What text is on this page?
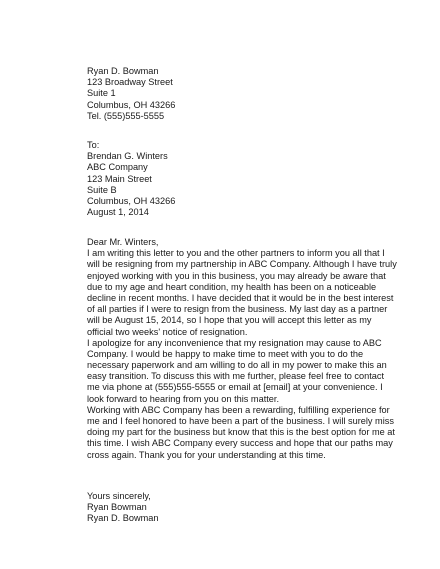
Ryan D. Bowman
123 Broadway Street
Suite 1
Columbus, OH 43266
Tel. (555)555-5555
To:
Brendan G. Winters
ABC Company
123 Main Street
Suite B
Columbus, OH 43266
August 1, 2014
Dear Mr. Winters,
I am writing this letter to you and the other partners to inform you all that I
will be resigning from my partnership in ABC Company. Although I have truly
enjoyed working with you in this business, you may already be aware that
due to my age and heart condition, my health has been on a noticeable
decline in recent months. I have decided that it would be in the best interest
of all parties if I were to resign from the business. My last day as a partner
will be August 15, 2014, so I hope that you will accept this letter as my
official two weeks' notice of resignation.
I apologize for any inconvenience that my resignation may cause to ABC
Company. I would be happy to make time to meet with you to do the
necessary paperwork and am willing to do all in my power to make this an
easy transition. To discuss this with me further, please feel free to contact
me via phone at (555)555-5555 or email at [email] at your convenience. I
look forward to hearing from you on this matter.
Working with ABC Company has been a rewarding, fulfilling experience for
me and I feel honored to have been a part of the business. I will surely miss
doing my part for the business but know that this is the best option for me at
this time. I wish ABC Company every success and hope that our paths may
cross again. Thank you for your understanding at this time.
Yours sincerely,
Ryan Bowman
Ryan D. Bowman
